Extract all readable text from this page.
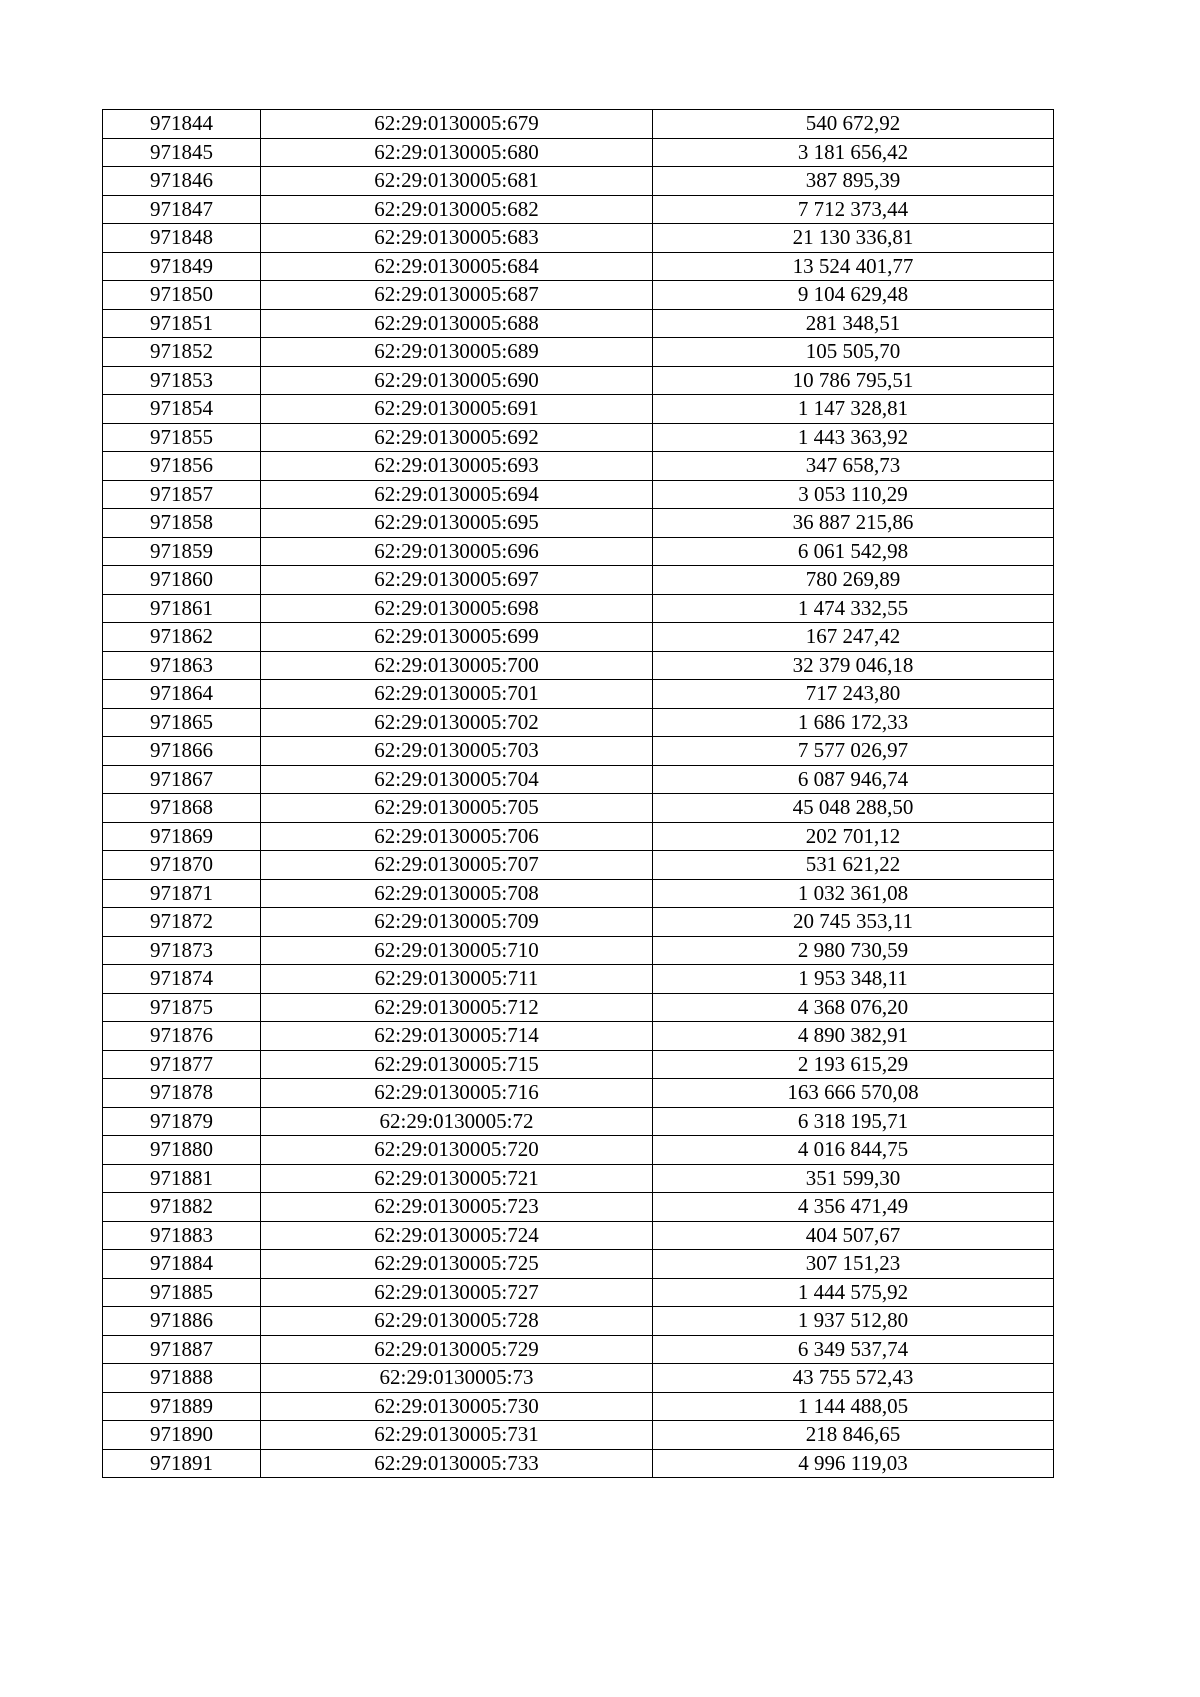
971844	62:29:0130005:679	540 672,92
971845	62:29:0130005:680	3 181 656,42
971846	62:29:0130005:681	387 895,39
971847	62:29:0130005:682	7 712 373,44
971848	62:29:0130005:683	21 130 336,81
971849	62:29:0130005:684	13 524 401,77
971850	62:29:0130005:687	9 104 629,48
971851	62:29:0130005:688	281 348,51
971852	62:29:0130005:689	105 505,70
971853	62:29:0130005:690	10 786 795,51
971854	62:29:0130005:691	1 147 328,81
971855	62:29:0130005:692	1 443 363,92
971856	62:29:0130005:693	347 658,73
971857	62:29:0130005:694	3 053 110,29
971858	62:29:0130005:695	36 887 215,86
971859	62:29:0130005:696	6 061 542,98
971860	62:29:0130005:697	780 269,89
971861	62:29:0130005:698	1 474 332,55
971862	62:29:0130005:699	167 247,42
971863	62:29:0130005:700	32 379 046,18
971864	62:29:0130005:701	717 243,80
971865	62:29:0130005:702	1 686 172,33
971866	62:29:0130005:703	7 577 026,97
971867	62:29:0130005:704	6 087 946,74
971868	62:29:0130005:705	45 048 288,50
971869	62:29:0130005:706	202 701,12
971870	62:29:0130005:707	531 621,22
971871	62:29:0130005:708	1 032 361,08
971872	62:29:0130005:709	20 745 353,11
971873	62:29:0130005:710	2 980 730,59
971874	62:29:0130005:711	1 953 348,11
971875	62:29:0130005:712	4 368 076,20
971876	62:29:0130005:714	4 890 382,91
971877	62:29:0130005:715	2 193 615,29
971878	62:29:0130005:716	163 666 570,08
971879	62:29:0130005:72	6 318 195,71
971880	62:29:0130005:720	4 016 844,75
971881	62:29:0130005:721	351 599,30
971882	62:29:0130005:723	4 356 471,49
971883	62:29:0130005:724	404 507,67
971884	62:29:0130005:725	307 151,23
971885	62:29:0130005:727	1 444 575,92
971886	62:29:0130005:728	1 937 512,80
971887	62:29:0130005:729	6 349 537,74
971888	62:29:0130005:73	43 755 572,43
971889	62:29:0130005:730	1 144 488,05
971890	62:29:0130005:731	218 846,65
971891	62:29:0130005:733	4 996 119,03
